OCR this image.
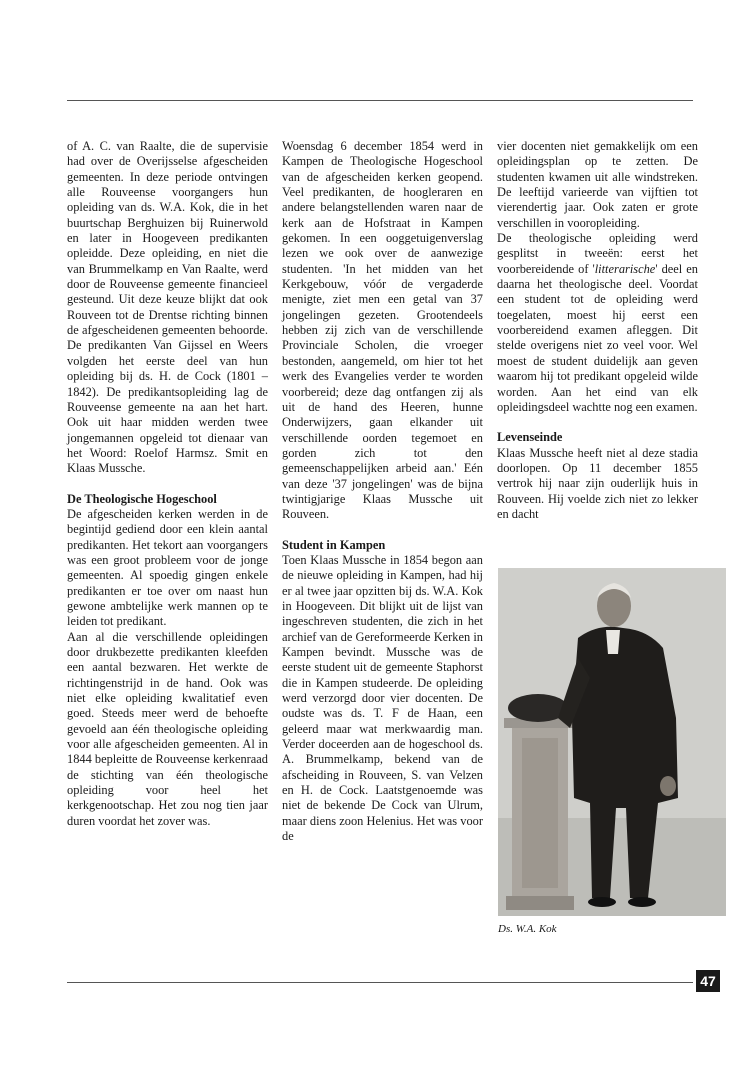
of A. C. van Raalte, die de supervisie had over de Overijsselse afgescheiden gemeenten. In deze periode ontvingen alle Rouveense voorgangers hun opleiding van ds. W.A. Kok, die in het buurtschap Berghuizen bij Ruinerwold en later in Hoogeveen predikanten opleidde. Deze opleiding, en niet die van Brummelkamp en Van Raalte, werd door de Rouveense gemeente financieel gesteund. Uit deze keuze blijkt dat ook Rouveen tot de Drentse richting binnen de afgescheidenen gemeenten behoorde. De predikanten Van Gijssel en Weers volgden het eerste deel van hun opleiding bij ds. H. de Cock (1801 – 1842). De predikantsopleiding lag de Rouveense gemeente na aan het hart. Ook uit haar midden werden twee jongemannen opgeleid tot dienaar van het Woord: Roelof Harmsz. Smit en Klaas Mussche.

De Theologische Hogeschool

De afgescheiden kerken werden in de begintijd gediend door een klein aantal predikanten. Het tekort aan voorgangers was een groot probleem voor de jonge gemeenten. Al spoedig gingen enkele predikanten er toe over om naast hun gewone ambtelijke werk mannen op te leiden tot predikant.

Aan al die verschillende opleidingen door drukbezette predikanten kleefden een aantal bezwaren. Het werkte de richtingenstrijd in de hand. Ook was niet elke opleiding kwalitatief even goed. Steeds meer werd de behoefte gevoeld aan één theologische opleiding voor alle afgescheiden gemeenten. Al in 1844 bepleitte de Rouveense kerkenraad de stichting van één theologische opleiding voor heel het kerkgenootschap. Het zou nog tien jaar duren voordat het zover was.

Woensdag 6 december 1854 werd in Kampen de Theologische Hogeschool van de afgescheiden kerken geopend. Veel predikanten, de hoogleraren en andere belangstellenden waren naar de kerk aan de Hofstraat in Kampen gekomen. In een ooggetuigenverslag lezen we ook over de aanwezige studenten. 'In het midden van het Kerkgebouw, vóór de vergaderde menigte, ziet men een getal van 37 jongelingen gezeten. Grootendeels hebben zij zich van de verschillende Provinciale Scholen, die vroeger bestonden, aangemeld, om hier tot het werk des Evangelies verder te worden voorbereid; deze dag ontfangen zij als uit de hand des Heeren, hunne Onderwijzers, gaan elkander uit verschillende oorden tegemoet en gorden zich tot den gemeenschappelijken arbeid aan.' Eén van deze '37 jongelingen' was de bijna twintigjarige Klaas Mussche uit Rouveen.

Student in Kampen

Toen Klaas Mussche in 1854 begon aan de nieuwe opleiding in Kampen, had hij er al twee jaar opzitten bij ds. W.A. Kok in Hoogeveen. Dit blijkt uit de lijst van ingeschreven studenten, die zich in het archief van de Gereformeerde Kerken in Kampen bevindt. Mussche was de eerste student uit de gemeente Staphorst die in Kampen studeerde. De opleiding werd verzorgd door vier docenten. De oudste was ds. T. F de Haan, een geleerd maar wat merkwaardig man. Verder doceerden aan de hogeschool ds. A. Brummelkamp, bekend van de afscheiding in Rouveen, S. van Velzen en H. de Cock. Laatstgenoemde was niet de bekende De Cock van Ulrum, maar diens zoon Helenius. Het was voor de

vier docenten niet gemakkelijk om een opleidingsplan op te zetten. De studenten kwamen uit alle windstreken. De leeftijd varieerde van vijftien tot vierendertig jaar. Ook zaten er grote verschillen in vooropleiding.

De theologische opleiding werd gesplitst in tweeën: eerst het voorbereidende of 'litterarische' deel en daarna het theologische deel. Voordat een student tot de opleiding werd toegelaten, moest hij eerst een voorbereidend examen afleggen. Dit stelde overigens niet zo veel voor. Wel moest de student duidelijk aan geven waarom hij tot predikant opgeleid wilde worden. Aan het eind van elk opleidingsdeel wachtte nog een examen.

Levenseinde

Klaas Mussche heeft niet al deze stadia doorlopen. Op 11 december 1855 vertrok hij naar zijn ouderlijk huis in Rouveen. Hij voelde zich niet zo lekker en dacht

Ds. W.A. Kok
47
